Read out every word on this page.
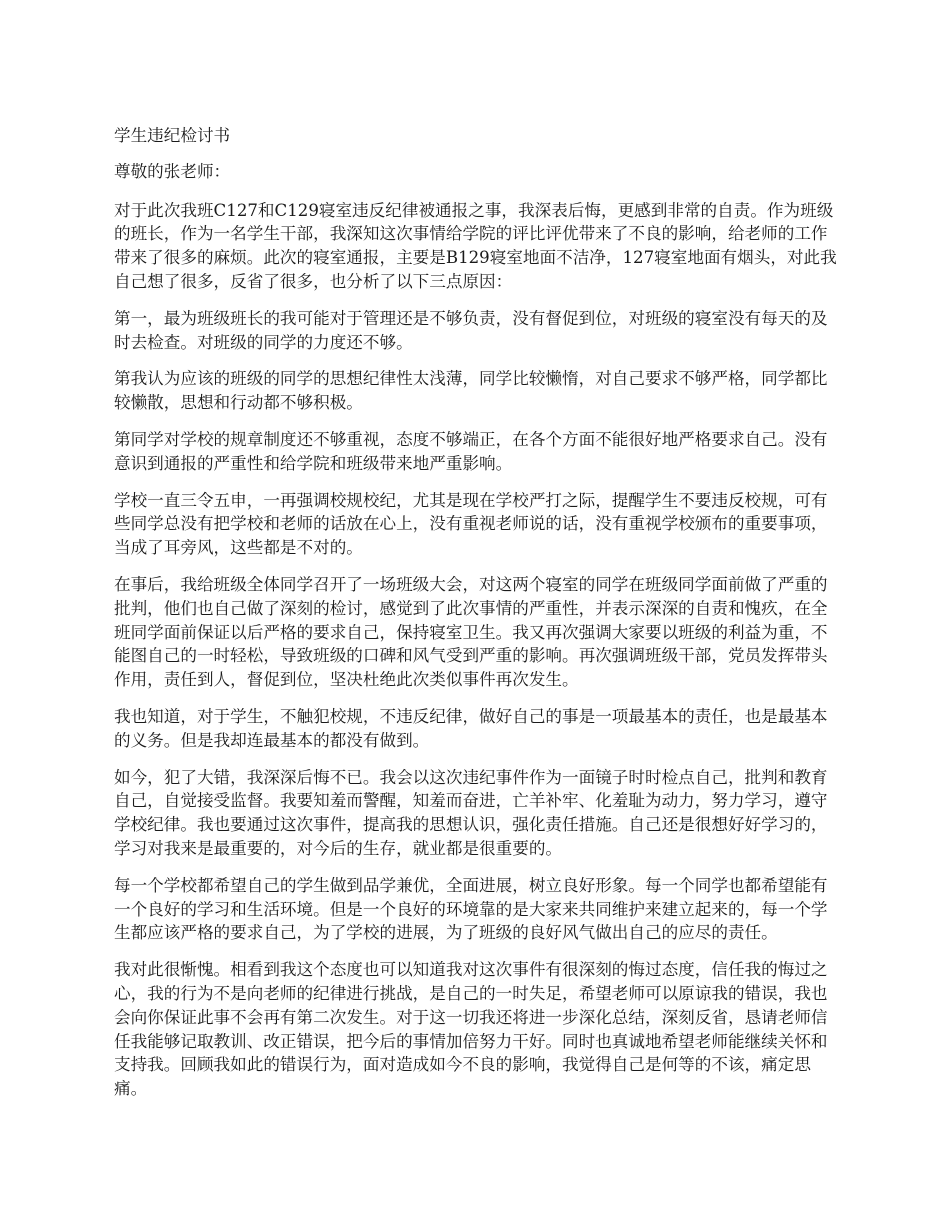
学生违纪检讨书

尊敬的张老师：

对于此次我班C127和C129寝室违反纪律被通报之事，我深表后悔，更感到非常的自责。作为班级的班长，作为一名学生干部，我深知这次事情给学院的评比评优带来了不良的影响，给老师的工作带来了很多的麻烦。此次的寝室通报，主要是B129寝室地面不洁净，127寝室地面有烟头，对此我自己想了很多，反省了很多，也分析了以下三点原因：

第一，最为班级班长的我可能对于管理还是不够负责，没有督促到位，对班级的寝室没有每天的及时去检查。对班级的同学的力度还不够。

第我认为应该的班级的同学的思想纪律性太浅薄，同学比较懒惰，对自己要求不够严格，同学都比较懒散，思想和行动都不够积极。

第同学对学校的规章制度还不够重视，态度不够端正，在各个方面不能很好地严格要求自己。没有意识到通报的严重性和给学院和班级带来地严重影响。

学校一直三令五申，一再强调校规校纪，尤其是现在学校严打之际，提醒学生不要违反校规，可有些同学总没有把学校和老师的话放在心上，没有重视老师说的话，没有重视学校颁布的重要事项，当成了耳旁风，这些都是不对的。

在事后，我给班级全体同学召开了一场班级大会，对这两个寝室的同学在班级同学面前做了严重的批判，他们也自己做了深刻的检讨，感觉到了此次事情的严重性，并表示深深的自责和愧疚，在全班同学面前保证以后严格的要求自己，保持寝室卫生。我又再次强调大家要以班级的利益为重，不能图自己的一时轻松，导致班级的口碑和风气受到严重的影响。再次强调班级干部，党员发挥带头作用，责任到人，督促到位，坚决杜绝此次类似事件再次发生。

我也知道，对于学生，不触犯校规，不违反纪律，做好自己的事是一项最基本的责任，也是最基本的义务。但是我却连最基本的都没有做到。

如今，犯了大错，我深深后悔不已。我会以这次违纪事件作为一面镜子时时检点自己，批判和教育自己，自觉接受监督。我要知羞而警醒，知羞而奋进，亡羊补牢、化羞耻为动力，努力学习，遵守学校纪律。我也要通过这次事件，提高我的思想认识，强化责任措施。自己还是很想好好学习的，学习对我来是最重要的，对今后的生存，就业都是很重要的。

每一个学校都希望自己的学生做到品学兼优，全面进展，树立良好形象。每一个同学也都希望能有一个良好的学习和生活环境。但是一个良好的环境靠的是大家来共同维护来建立起来的，每一个学生都应该严格的要求自己，为了学校的进展，为了班级的良好风气做出自己的应尽的责任。

我对此很惭愧。相看到我这个态度也可以知道我对这次事件有很深刻的悔过态度，信任我的悔过之心，我的行为不是向老师的纪律进行挑战，是自己的一时失足，希望老师可以原谅我的错误，我也会向你保证此事不会再有第二次发生。对于这一切我还将进一步深化总结，深刻反省，恳请老师信任我能够记取教训、改正错误，把今后的事情加倍努力干好。同时也真诚地希望老师能继续关怀和支持我。回顾我如此的错误行为，面对造成如今不良的影响，我觉得自己是何等的不该，痛定思痛。
